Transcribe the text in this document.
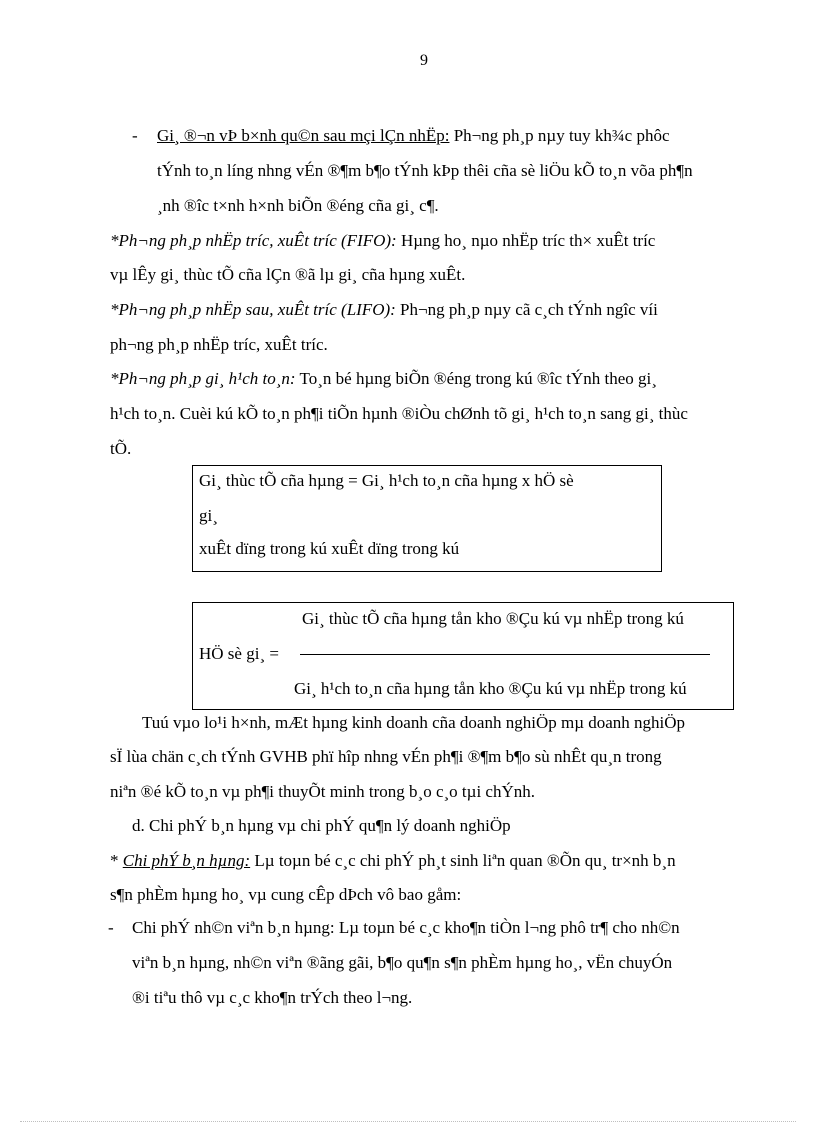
9
- Gi¸ ®¬n vÞ b×nh qu©n sau mçi lÇn nhËp: Ph¬ng ph¸p nµy tuy kh¾c phôc
tÝnh to¸n líng nhng vÉn ®¶m b¶o tÝnh kÞp thêi cña sè liÖu kÕ to¸n võa ph¶n
¸nh ®îc t×nh h×nh biÕn ®éng cña gi¸ c¶.
*Ph¬ng ph¸p nhËp tríc, xuÊt tríc (FIFO): Hµng ho¸ nµo nhËp tríc th× xuÊt tríc
vµ lÊy gi¸ thùc tÕ cña lÇn ®ã lµ gi¸ cña hµng xuÊt.
*Ph¬ng ph¸p nhËp sau, xuÊt tríc (LIFO): Ph¬ng ph¸p nµy cã c¸ch tÝnh ngîc víi
ph¬ng ph¸p nhËp tríc, xuÊt tríc.
*Ph¬ng ph¸p gi¸ h¹ch to¸n: To¸n bé hµng biÕn ®éng trong kú ®îc tÝnh theo gi¸
h¹ch to¸n. Cuèi kú kÕ to¸n ph¶i tiÕn hµnh ®iÒu chØnh tõ gi¸ h¹ch to¸n sang gi¸ thùc
tÕ.
Gi¸ thùc tÕ cña hµng = Gi¸ h¹ch to¸n cña hµng x hÖ sè
gi¸
xuÊt dïng trong kú xuÊt dïng trong kú
Gi¸ thùc tÕ cña hµng tån kho ®Çu kú vµ nhËp trong kú
HÖ sè gi¸ =
Gi¸ h¹ch to¸n cña hµng tån kho ®Çu kú vµ nhËp trong kú
Tuú vµo lo¹i h×nh, mÆt hµng kinh doanh cña doanh nghiÖp mµ doanh nghiÖp
sÏ lùa chän c¸ch tÝnh GVHB phï hîp nhng vÉn ph¶i ®¶m b¶o sù nhÊt qu¸n trong
niªn ®é kÕ to¸n vµ ph¶i thuyÕt minh trong b¸o c¸o tµi chÝnh.
d. Chi phÝ b¸n hµng vµ chi phÝ qu¶n lý doanh nghiÖp
* Chi phÝ b¸n hµng: Lµ toµn bé c¸c chi phÝ ph¸t sinh liªn quan ®Õn qu¸ tr×nh b¸n
s¶n phÈm hµng ho¸ vµ cung cÊp dÞch vô bao gåm:
- Chi phÝ nh©n viªn b¸n hµng: Lµ toµn bé c¸c kho¶n tiÒn l¬ng phô tr¶ cho nh©n
viªn b¸n hµng, nh©n viªn ®ãng gãi, b¶o qu¶n s¶n phÈm hµng ho¸, vËn chuyÓn
®i tiªu thô vµ c¸c kho¶n trÝch theo l¬ng.
